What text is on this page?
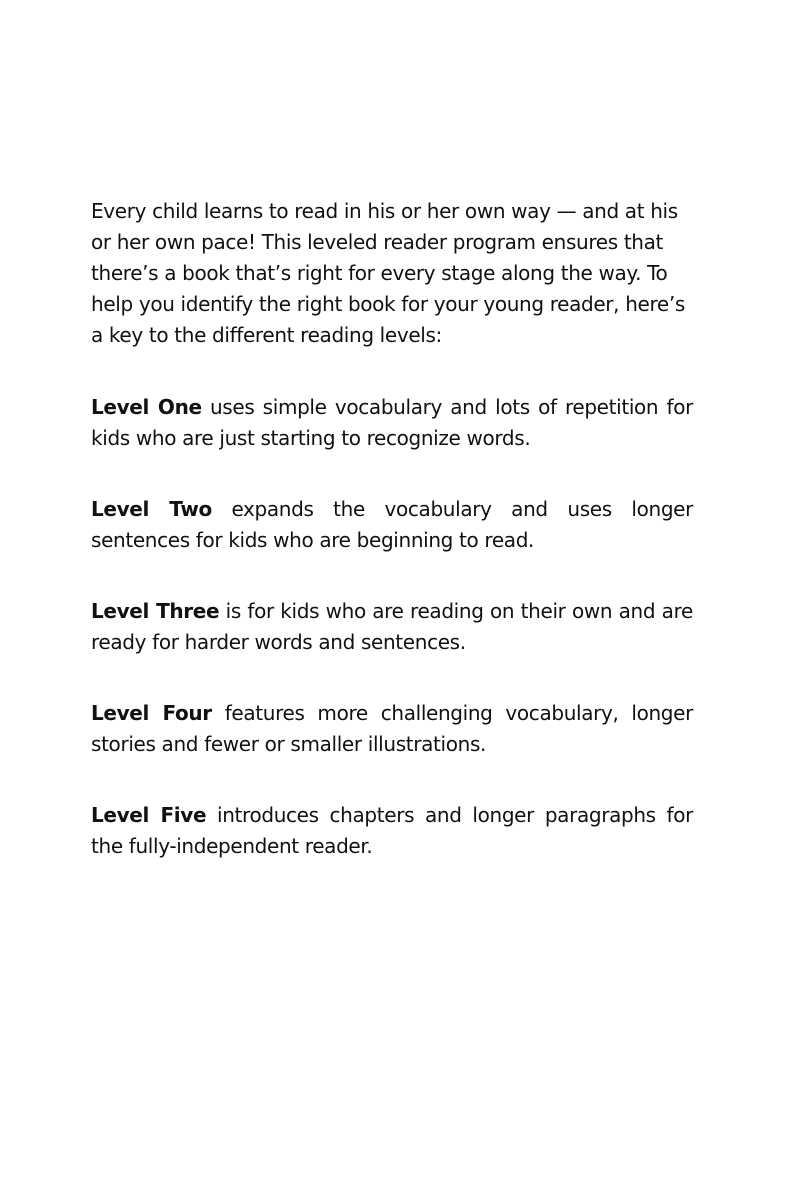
Every child learns to read in his or her own way — and at his or her own pace! This leveled reader program ensures that there’s a book that’s right for every stage along the way. To help you identify the right book for your young reader, here’s a key to the different reading levels:

Level One uses simple vocabulary and lots of repetition for kids who are just starting to recognize words.

Level Two expands the vocabulary and uses longer sentences for kids who are beginning to read.

Level Three is for kids who are reading on their own and are ready for harder words and sentences.

Level Four features more challenging vocabulary, longer stories and fewer or smaller illustrations.

Level Five introduces chapters and longer paragraphs for the fully-independent reader.
